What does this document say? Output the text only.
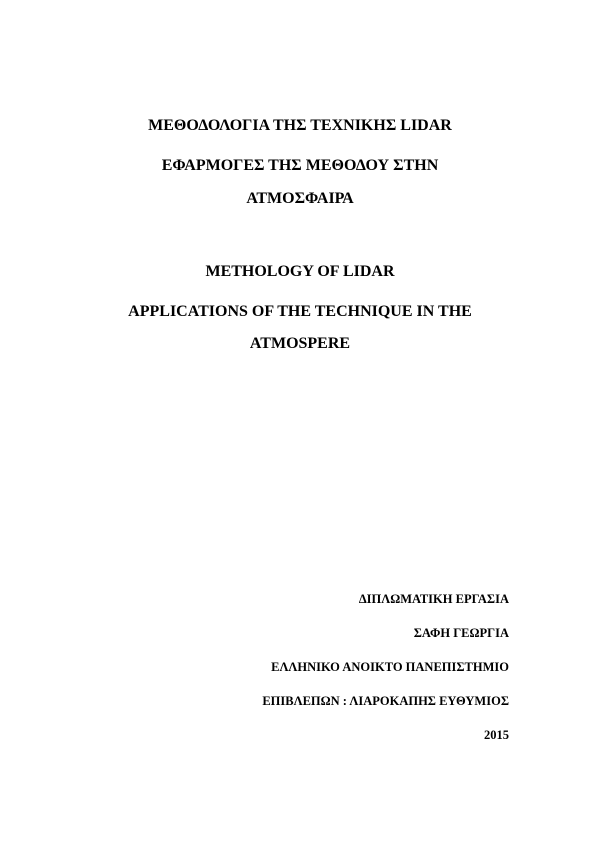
ΜΕΘΟΔΟΛΟΓΙΑ ΤΗΣ ΤΕΧΝΙΚΗΣ LIDAR
ΕΦΑΡΜΟΓΕΣ ΤΗΣ ΜΕΘΟΔΟΥ ΣΤΗΝ
ΑΤΜΟΣΦΑΙΡΑ
METHOLOGY OF LIDAR
APPLICATIONS OF THE TECHNIQUE IN THE
ATMOSPERE
ΔΙΠΛΩΜΑΤΙΚΗ ΕΡΓΑΣΙΑ
ΣΑΦΗ ΓΕΩΡΓΙΑ
ΕΛΛΗΝΙΚΟ ΑΝΟΙΚΤΟ ΠΑΝΕΠΙΣΤΗΜΙΟ
ΕΠΙΒΛΕΠΩΝ : ΛΙΑΡΟΚΑΠΗΣ ΕΥΘΥΜΙΟΣ
2015
